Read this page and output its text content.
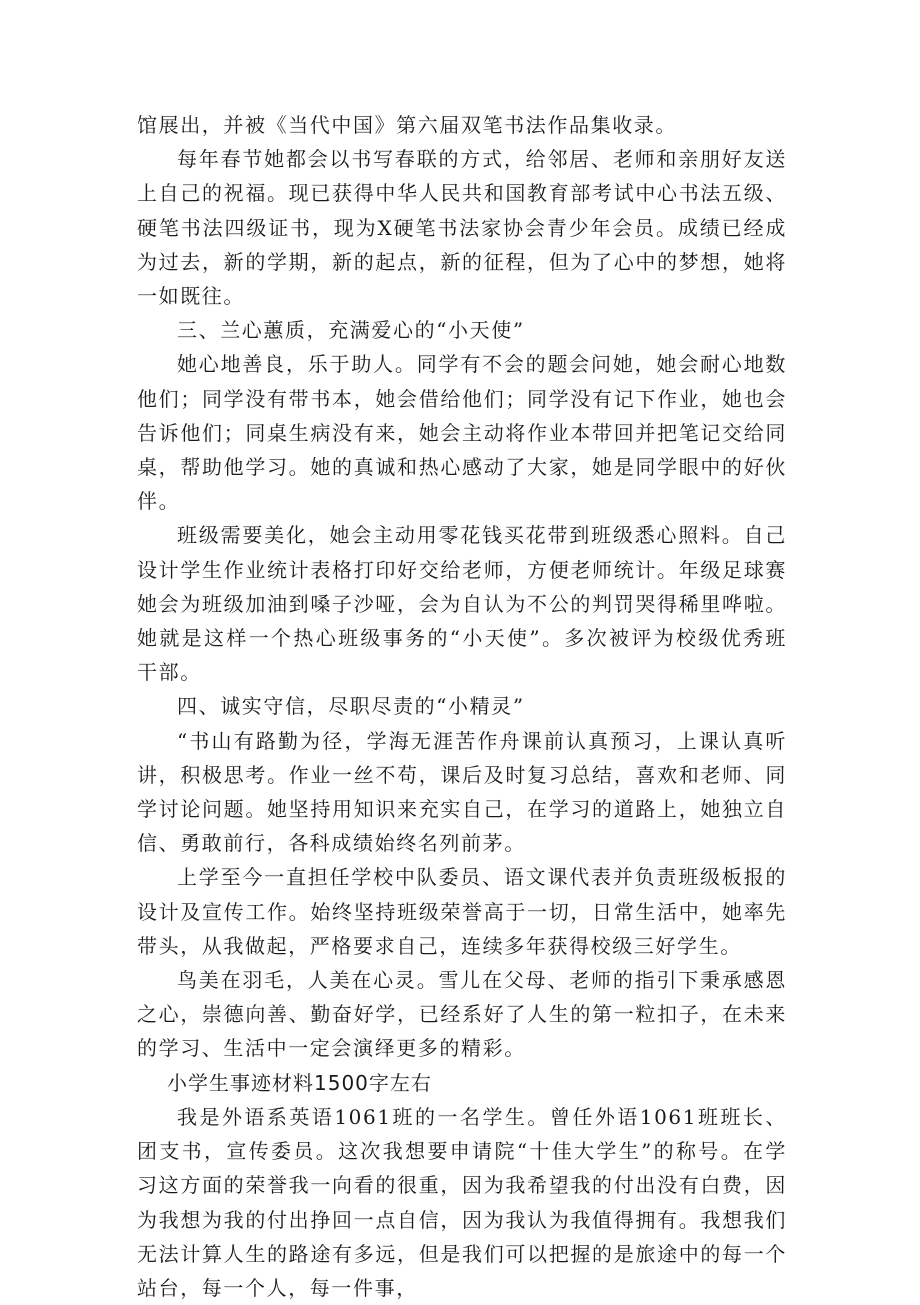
馆展出，并被《当代中国》第六届双笔书法作品集收录。

每年春节她都会以书写春联的方式，给邻居、老师和亲朋好友送上自己的祝福。现已获得中华人民共和国教育部考试中心书法五级、硬笔书法四级证书，现为X硬笔书法家协会青少年会员。成绩已经成为过去，新的学期，新的起点，新的征程，但为了心中的梦想，她将一如既往。

三、兰心蕙质，充满爱心的“小天使”

她心地善良，乐于助人。同学有不会的题会问她，她会耐心地数他们；同学没有带书本，她会借给他们；同学没有记下作业，她也会告诉他们；同桌生病没有来，她会主动将作业本带回并把笔记交给同桌，帮助他学习。她的真诚和热心感动了大家，她是同学眼中的好伙伴。

班级需要美化，她会主动用零花钱买花带到班级悉心照料。自己设计学生作业统计表格打印好交给老师，方便老师统计。年级足球赛她会为班级加油到嗓子沙哑，会为自认为不公的判罚哭得稀里哗啦。她就是这样一个热心班级事务的“小天使”。多次被评为校级优秀班干部。

四、诚实守信，尽职尽责的“小精灵”

“书山有路勤为径，学海无涯苦作舟课前认真预习，上课认真听讲，积极思考。作业一丝不苟，课后及时复习总结，喜欢和老师、同学讨论问题。她坚持用知识来充实自己，在学习的道路上，她独立自信、勇敢前行，各科成绩始终名列前茅。

上学至今一直担任学校中队委员、语文课代表并负责班级板报的设计及宣传工作。始终坚持班级荣誉高于一切，日常生活中，她率先带头，从我做起，严格要求自己，连续多年获得校级三好学生。

鸟美在羽毛，人美在心灵。雪儿在父母、老师的指引下秉承感恩之心，崇德向善、勤奋好学，已经系好了人生的第一粒扣子，在未来的学习、生活中一定会演绎更多的精彩。

小学生事迹材料1500字左右

我是外语系英语1061班的一名学生。曾任外语1061班班长、团支书，宣传委员。这次我想要申请院“十佳大学生”的称号。在学习这方面的荣誉我一向看的很重，因为我希望我的付出没有白费，因为我想为我的付出挣回一点自信，因为我认为我值得拥有。我想我们无法计算人生的路途有多远，但是我们可以把握的是旅途中的每一个站台，每一个人，每一件事，
